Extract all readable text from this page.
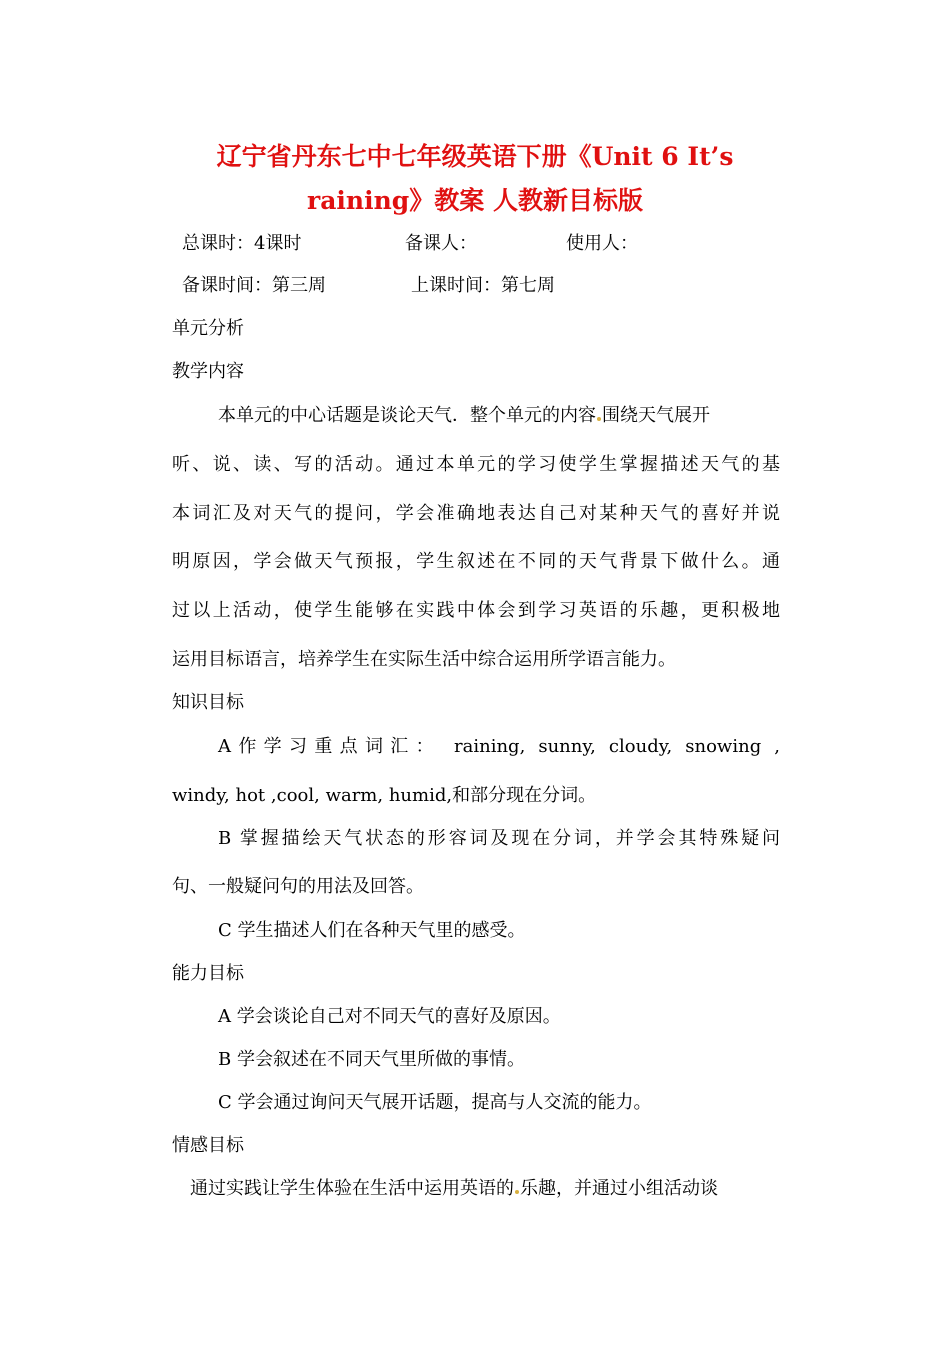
辽宁省丹东七中七年级英语下册《Unit 6 It’s
raining》教案 人教新目标版
总课时：4课时	备课人：	使用人：
备课时间：第三周	上课时间：第七周
单元分析
教学内容
本单元的中心话题是谈论天气．整个单元的内容 围绕天气展开
听、说、读、写的活动。通过本单元的学习使学生掌握描述天气的基
本词汇及对天气的提问，学会准确地表达自己对某种天气的喜好并说
明原因，学会做天气预报，学生叙述在不同的天气背景下做什么。通
过以上活动，使学生能够在实践中体会到学习英语的乐趣，更积极地
运用目标语言，培养学生在实际生活中综合运用所学语言能力。
知识目标
A作学习重点词汇： raining, sunny, cloudy, snowing ,
windy, hot ,cool, warm, humid,和部分现在分词。
B 掌握描绘天气状态的形容词及现在分词，并学会其特殊疑问
句、一般疑问句的用法及回答。
C 学生描述人们在各种天气里的感受。
能力目标
A 学会谈论自己对不同天气的喜好及原因。
B 学会叙述在不同天气里所做的事情。
C 学会通过询问天气展开话题，提高与人交流的能力。
情感目标
通过实践让学生体验在生活中运用英语的 乐趣，并通过小组活动谈
